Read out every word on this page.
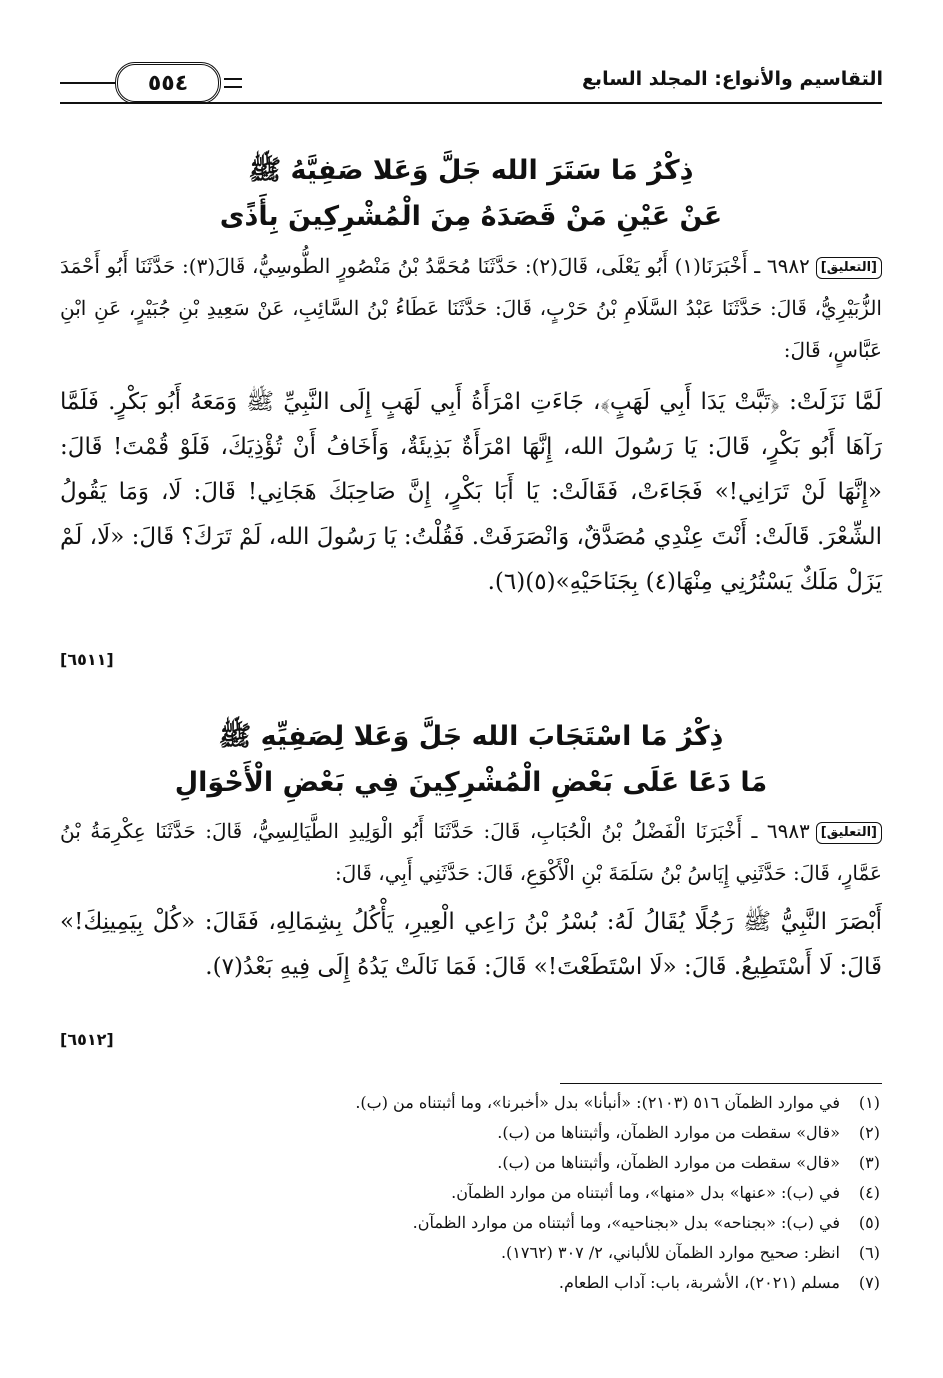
التقاسيم والأنواع: المجلد السابع
٥٥٤
ذِكْرُ مَا سَتَرَ الله جَلَّ وَعَلا صَفِيَّهُ ﷺ
عَنْ عَيْنِ مَنْ قَصَدَهُ مِنَ الْمُشْرِكِينَ بِأَذًى
[التعليق]٦٩٨٢ ـ أَخْبَرَنَا(١) أَبُو يَعْلَى، قَالَ(٢): حَدَّثَنَا مُحَمَّدُ بْنُ مَنْصُورٍ الطُّوسِيُّ، قَالَ(٣): حَدَّثَنَا أَبُو أَحْمَدَ الزُّبَيْرِيُّ، قَالَ: حَدَّثَنَا عَبْدُ السَّلَامِ بْنُ حَرْبٍ، قَالَ: حَدَّثَنَا عَطَاءُ بْنُ السَّائِبِ، عَنْ سَعِيدِ بْنِ جُبَيْرٍ، عَنِ ابْنِ عَبَّاسٍ، قَالَ:
لَمَّا نَزَلَتْ: ﴿تَبَّتْ يَدَا أَبِي لَهَبٍ﴾، جَاءَتِ امْرَأَةُ أَبِي لَهَبٍ إِلَى النَّبِيِّ ﷺ وَمَعَهُ أَبُو بَكْرٍ. فَلَمَّا رَآهَا أَبُو بَكْرٍ، قَالَ: يَا رَسُولَ الله، إِنَّهَا امْرَأَةٌ بَذِيئَةٌ، وَأَخَافُ أَنْ تُؤْذِيَكَ، فَلَوْ قُمْتَ! قَالَ: «إِنَّهَا لَنْ تَرَانِي!» فَجَاءَتْ، فَقَالَتْ: يَا أَبَا بَكْرٍ، إِنَّ صَاحِبَكَ هَجَانِي! قَالَ: لَا، وَمَا يَقُولُ الشِّعْرَ. قَالَتْ: أَنْتَ عِنْدِي مُصَدَّقٌ، وَانْصَرَفَتْ. فَقُلْتُ: يَا رَسُولَ الله، لَمْ تَرَكَ؟ قَالَ: «لَا، لَمْ يَزَلْ مَلَكٌ يَسْتُرُنِي مِنْهَا(٤) بِجَنَاحَيْهِ»(٥)(٦).
[٦٥١١]
ذِكْرُ مَا اسْتَجَابَ الله جَلَّ وَعَلا لِصَفِيِّهِ ﷺ
مَا دَعَا عَلَى بَعْضِ الْمُشْرِكِينَ فِي بَعْضِ الْأَحْوَالِ
[التعليق]٦٩٨٣ ـ أَخْبَرَنَا الْفَضْلُ بْنُ الْحُبَابِ، قَالَ: حَدَّثَنَا أَبُو الْوَلِيدِ الطَّيَالِسِيُّ، قَالَ: حَدَّثَنَا عِكْرِمَةُ بْنُ عَمَّارٍ، قَالَ: حَدَّثَنِي إِيَاسُ بْنُ سَلَمَةَ بْنِ الْأَكْوَعِ، قَالَ: حَدَّثَنِي أَبِي، قَالَ:
أَبْصَرَ النَّبِيُّ ﷺ رَجُلًا يُقَالُ لَهُ: بُسْرُ بْنُ رَاعِي الْعِيرِ، يَأْكُلُ بِشِمَالِهِ، فَقَالَ: «كُلْ بِيَمِينِكَ!» قَالَ: لَا أَسْتَطِيعُ. قَالَ: «لَا اسْتَطَعْتَ!» قَالَ: فَمَا نَالَتْ يَدُهُ إِلَى فِيهِ بَعْدُ(٧).
[٦٥١٢]
(١)
في موارد الظمآن ٥١٦ (٢١٠٣): «أنبأنا» بدل «أخبرنا»، وما أثبتناه من (ب).
(٢)
«قال» سقطت من موارد الظمآن، وأثبتناها من (ب).
(٣)
«قال» سقطت من موارد الظمآن، وأثبتناها من (ب).
(٤)
في (ب): «عنها» بدل «منها»، وما أثبتناه من موارد الظمآن.
(٥)
في (ب): «بجناحه» بدل «بجناحيه»، وما أثبتناه من موارد الظمآن.
(٦)
انظر: صحيح موارد الظمآن للألباني، ٢/ ٣٠٧ (١٧٦٢).
(٧)
مسلم (٢٠٢١)، الأشربة، باب: آداب الطعام.
